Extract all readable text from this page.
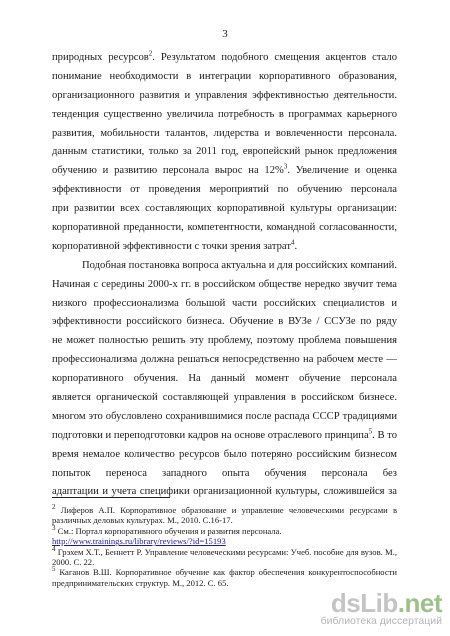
3
природных ресурсов$^2$. Результатом подобного смещения акцентов стало
понимание необходимости в интеграции корпоративного образования,
организационного развития и управления эффективностью деятельности.
тенденция существенно увеличила потребность в программах карьерного
развития, мобильности талантов, лидерства и вовлеченности персонала.
данным статистики, только за 2011 год, европейский рынок предложения
обучению и развитию персонала вырос на 12%$^3$. Увеличение и оценка
эффективности от проведения мероприятий по обучению персонала
при развитии всех составляющих корпоративной культуры организации:
корпоративной преданности, компетентности, командной согласованности,
корпоративной эффективности с точки зрения затрат$^4$.
Подобная постановка вопроса актуальна и для российских компаний.
Начиная с середины 2000-х гг. в российском обществе нередко звучит тема
низкого профессионализма большой части российских специалистов и
эффективности российского бизнеса. Обучение в ВУЗе / ССУЗе по ряду
не может полностью решить эту проблему, поэтому проблема повышения
профессионализма должна решаться непосредственно на рабочем месте —
корпоративного обучения. На данный момент обучение персонала
является органической составляющей управления в российском бизнесе.
многом это обусловлено сохранившимися после распада СССР традициями
подготовки и переподготовки кадров на основе отраслевого принципа$^5$. В то
время немалое количество ресурсов было потеряно российским бизнесом
попыток переноса западного опыта обучения персонала без
адаптации и учета специфики организационной культуры, сложившейся за

$^2$ Лиферов А.П. Корпоративное образование и управление человеческими ресурсами в различных деловых культурах. М., 2010. С.16-17.

$^3$ См.: Портал корпоративного обучения и развития персонала.
http://www.trainings.ru/library/reviews/?id=15193

$^4$ Грэхем Х.Т., Беннетт Р. Управление человеческими ресурсами: Учеб. пособие для вузов. М., 2000. С. 22.

$^5$ Каганов В.Ш. Корпоративное обучение как фактор обеспечения конкурентоспособности предпринимательских структур. М., 2012. С. 65.

dsLib.net
библиотека диссертаций
